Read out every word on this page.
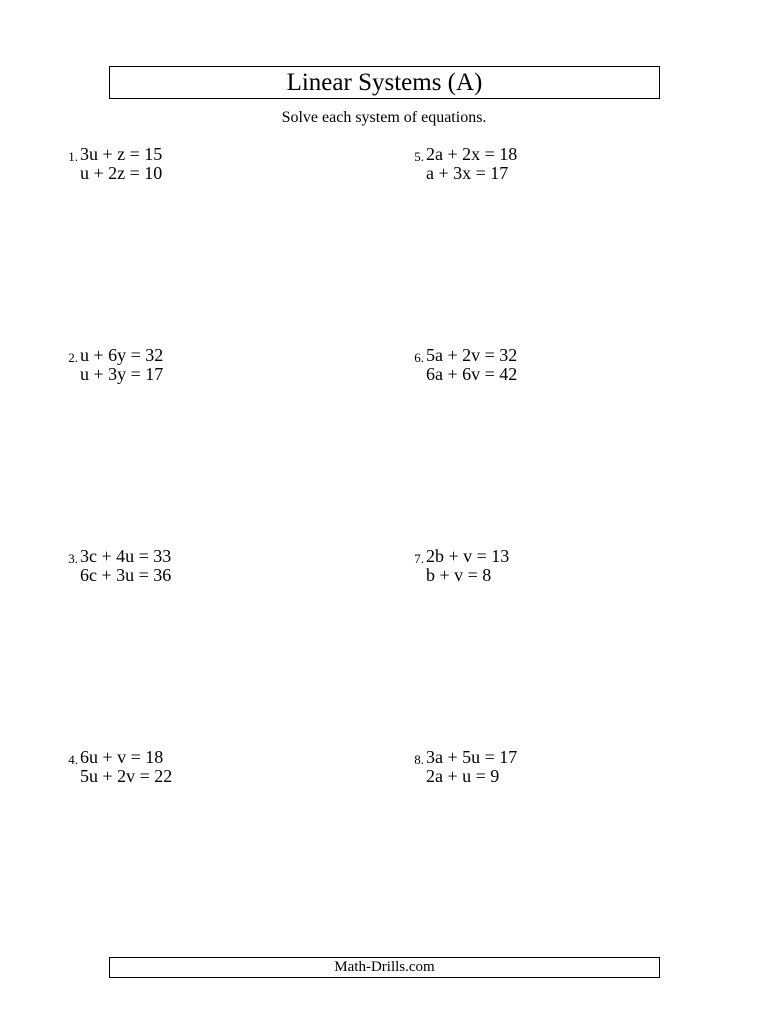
Linear Systems (A)
Solve each system of equations.
1. 3u + z = 15
u + 2z = 10
2. u + 6y = 32
u + 3y = 17
3. 3c + 4u = 33
6c + 3u = 36
4. 6u + v = 18
5u + 2v = 22
5. 2a + 2x = 18
a + 3x = 17
6. 5a + 2v = 32
6a + 6v = 42
7. 2b + v = 13
b + v = 8
8. 3a + 5u = 17
2a + u = 9
Math-Drills.com
